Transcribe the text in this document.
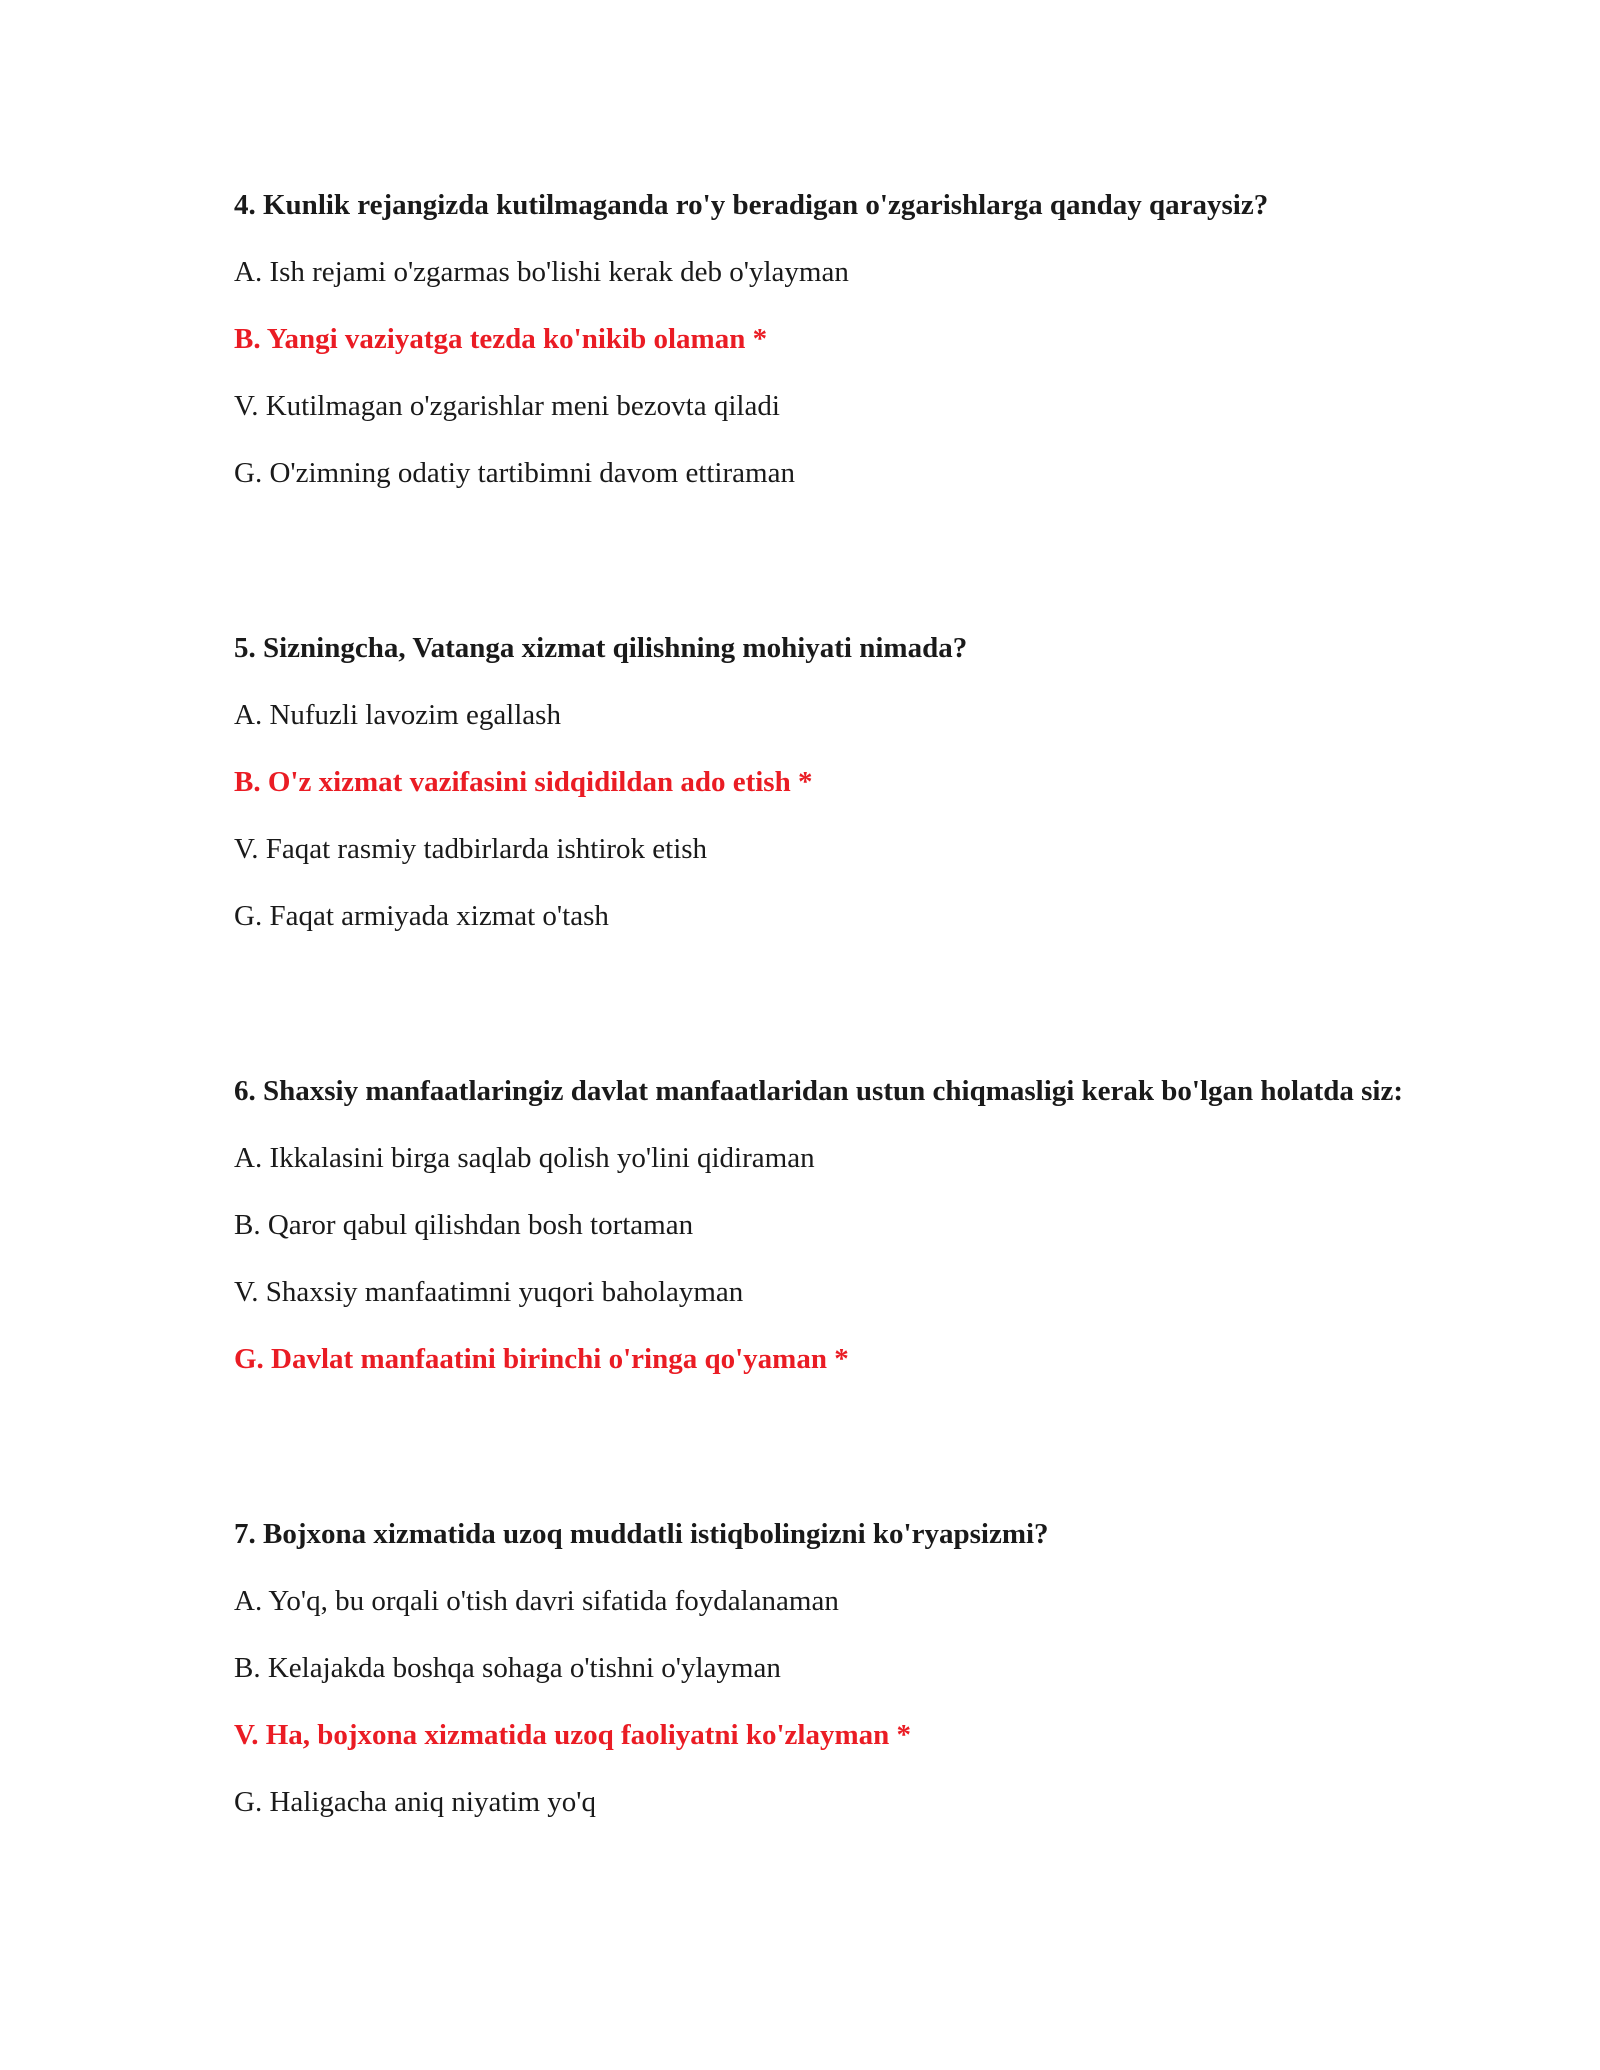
4. Kunlik rejangizda kutilmaganda ro'y beradigan o'zgarishlarga qanday qaraysiz?
A. Ish rejami o'zgarmas bo'lishi kerak deb o'ylayman
B. Yangi vaziyatga tezda ko'nikib olaman *
V. Kutilmagan o'zgarishlar meni bezovta qiladi
G. O'zimning odatiy tartibimni davom ettiraman
5. Sizningcha, Vatanga xizmat qilishning mohiyati nimada?
A. Nufuzli lavozim egallash
B. O'z xizmat vazifasini sidqidildan ado etish *
V. Faqat rasmiy tadbirlarda ishtirok etish
G. Faqat armiyada xizmat o'tash
6. Shaxsiy manfaatlaringiz davlat manfaatlaridan ustun chiqmasligi kerak bo'lgan holatda siz:
A. Ikkalasini birga saqlab qolish yo'lini qidiraman
B. Qaror qabul qilishdan bosh tortaman
V. Shaxsiy manfaatimni yuqori baholayman
G. Davlat manfaatini birinchi o'ringa qo'yaman *
7. Bojxona xizmatida uzoq muddatli istiqbolingizni ko'ryapsizmi?
A. Yo'q, bu orqali o'tish davri sifatida foydalanaman
B. Kelajakda boshqa sohaga o'tishni o'ylayman
V. Ha, bojxona xizmatida uzoq faoliyatni ko'zlayman *
G. Haligacha aniq niyatim yo'q
